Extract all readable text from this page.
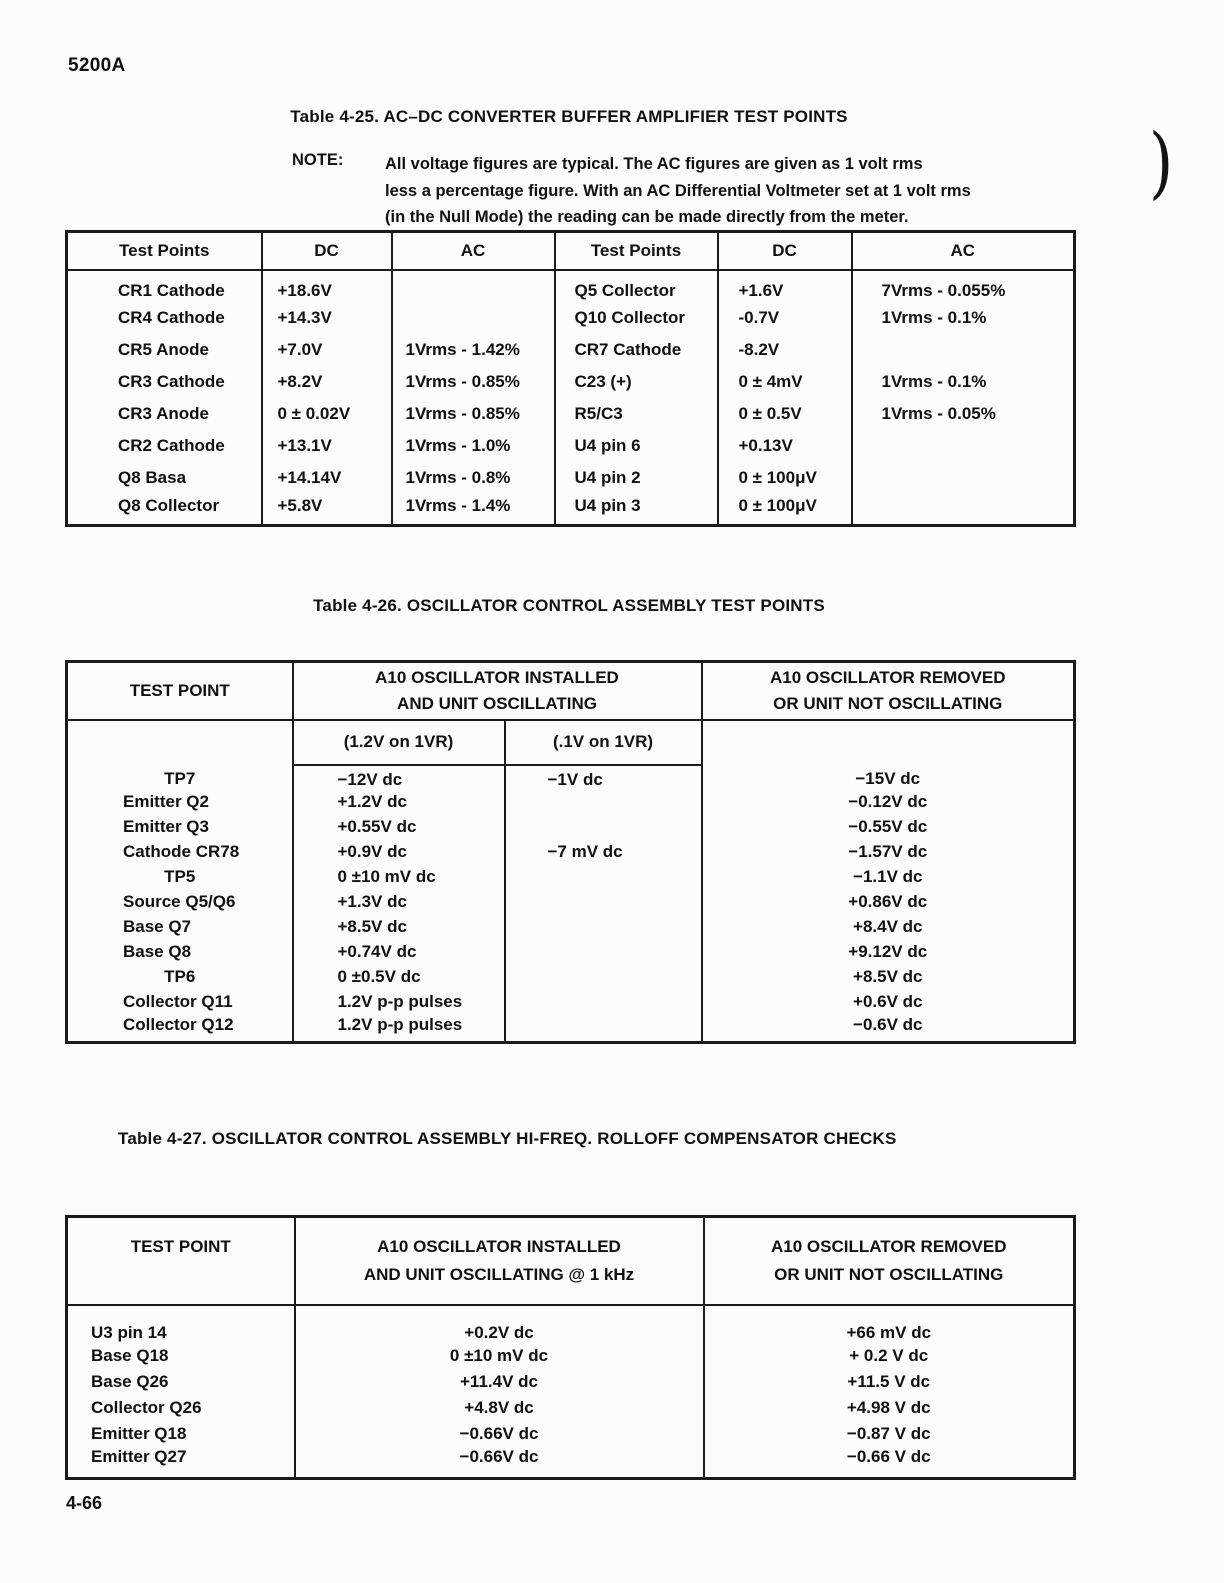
5200A
)
Table 4-25. AC–DC CONVERTER BUFFER AMPLIFIER TEST POINTS
NOTE:	All voltage figures are typical. The AC figures are given as 1 volt rms
less a percentage figure. With an AC Differential Voltmeter set at 1 volt rms
(in the Null Mode) the reading can be made directly from the meter.
Test Points	DC	AC	Test Points	DC	AC
CR1 Cathode	+18.6V		Q5 Collector	+1.6V	7Vrms - 0.055%
CR4 Cathode	+14.3V		Q10 Collector	-0.7V	1Vrms - 0.1%
CR5 Anode	+7.0V	1Vrms - 1.42%	CR7 Cathode	-8.2V	
CR3 Cathode	+8.2V	1Vrms - 0.85%	C23 (+)	0 ± 4mV	1Vrms - 0.1%
CR3 Anode	0 ± 0.02V	1Vrms - 0.85%	R5/C3	0 ± 0.5V	1Vrms - 0.05%
CR2 Cathode	+13.1V	1Vrms - 1.0%	U4 pin 6	+0.13V	
Q8 Basa	+14.14V	1Vrms - 0.8%	U4 pin 2	0 ± 100μV	
Q8 Collector	+5.8V	1Vrms - 1.4%	U4 pin 3	0 ± 100μV	
Table 4-26. OSCILLATOR CONTROL ASSEMBLY TEST POINTS
TEST POINT	
A10 OSCILLATOR INSTALLED
AND UNIT OSCILLATING

A10 OSCILLATOR REMOVED
OR UNIT NOT OSCILLATING

	(1.2V on 1VR)	(.1V on 1VR)	
TP7	−12V dc	−1V dc	−15V dc
Emitter Q2	+1.2V dc		−0.12V dc
Emitter Q3	+0.55V dc		−0.55V dc
Cathode CR78	+0.9V dc	−7 mV dc	−1.57V dc
TP5	0 ±10 mV dc		−1.1V dc
Source Q5/Q6	+1.3V dc		+0.86V dc
Base Q7	+8.5V dc		+8.4V dc
Base Q8	+0.74V dc		+9.12V dc
TP6	0 ±0.5V dc		+8.5V dc
Collector Q11	1.2V p-p pulses		+0.6V dc
Collector Q12	1.2V p-p pulses		−0.6V dc
Table 4-27. OSCILLATOR CONTROL ASSEMBLY HI-FREQ. ROLLOFF COMPENSATOR CHECKS
TEST POINT	A10 OSCILLATOR INSTALLED
AND UNIT OSCILLATING @ 1 kHz

A10 OSCILLATOR REMOVED
OR UNIT NOT OSCILLATING

U3 pin 14	+0.2V dc	+66 mV dc
Base Q18	0 ±10 mV dc	+ 0.2 V dc
Base Q26	+11.4V dc	+11.5 V dc
Collector Q26	+4.8V dc	+4.98 V dc
Emitter Q18	−0.66V dc	−0.87 V dc
Emitter Q27	−0.66V dc	−0.66 V dc
4-66
